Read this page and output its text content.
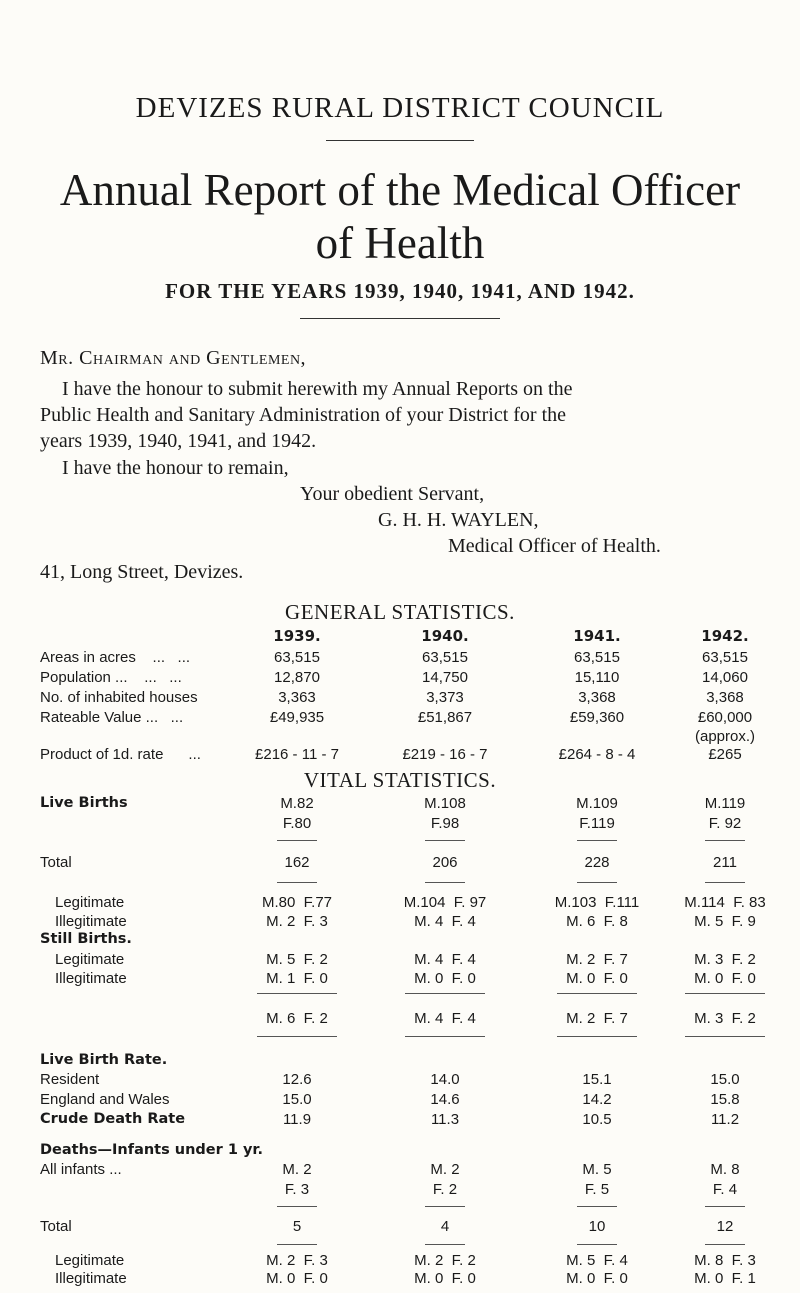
DEVIZES RURAL DISTRICT COUNCIL
Annual Report of the Medical Officer
of Health
FOR THE YEARS 1939, 1940, 1941, AND 1942.
Mr. Chairman and Gentlemen,
I have the honour to submit herewith my Annual Reports on the
Public Health and Sanitary Administration of your District for the
years 1939, 1940, 1941, and 1942.
I have the honour to remain,
Your obedient Servant,
G. H. H. WAYLEN,
Medical Officer of Health.
41, Long Street, Devizes.
GENERAL STATISTICS.
1939.	1940.	1941.	1942.
Areas in acres    ...   ...	63,515	63,515	63,515	63,515
Population ...    ...   ...	12,870	14,750	15,110	14,060
No. of inhabited houses	3,363	3,373	3,368	3,368
Rateable Value ...   ...	£49,935	£51,867	£59,360	£60,000
(approx.)
Product of 1d. rate      ...	£216 - 11 - 7	£219 - 16 - 7	£264 - 8 - 4	£265
VITAL STATISTICS.
Live Births	M.82	M.108	M.109	M.119
F.80	F.98	F.119	F. 92
Total	162	206	228	211
Legitimate	M.80  F.77	M.104  F. 97	M.103  F.111	M.114  F. 83
Illegitimate	M. 2  F. 3	M. 4  F. 4	M. 6  F. 8	M. 5  F. 9
Still Births.
Legitimate	M. 5  F. 2	M. 4  F. 4	M. 2  F. 7	M. 3  F. 2
Illegitimate	M. 1  F. 0	M. 0  F. 0	M. 0  F. 0	M. 0  F. 0
M. 6  F. 2	M. 4  F. 4	M. 2  F. 7	M. 3  F. 2
Live Birth Rate.
Resident	12.6	14.0	15.1	15.0
England and Wales	15.0	14.6	14.2	15.8
Crude Death Rate	11.9	11.3	10.5	11.2
Deaths—Infants under 1 yr.
All infants ...	M. 2	M. 2	M. 5	M. 8
F. 3	F. 2	F. 5	F. 4
Total	5	4	10	12
Legitimate	M. 2  F. 3	M. 2  F. 2	M. 5  F. 4	M. 8  F. 3
Illegitimate	M. 0  F. 0	M. 0  F. 0	M. 0  F. 0	M. 0  F. 1
